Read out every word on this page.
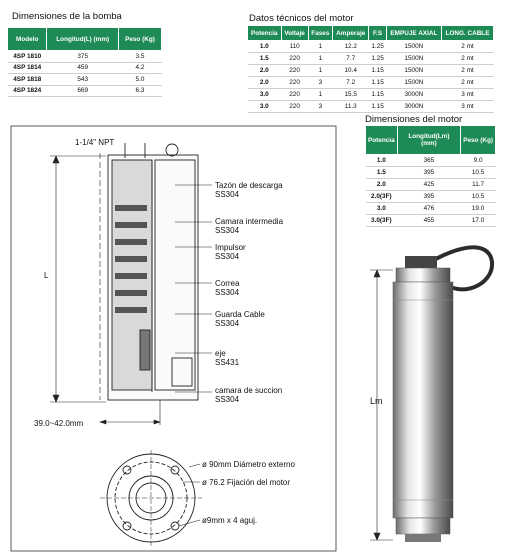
Dimensiones de la bomba	Datos técnicos del motor
Dimensiones del motor
Modelo	Longitud(L) (mm)	Peso (Kg)
4SP 1810	375	3.5
4SP 1814	459	4.2
4SP 1818	543	5.0
4SP 1824	669	6.3
Potencia	Voltaje	Fases	Amperaje	F.S	EMPUJE AXIAL	LONG. CABLE
1.0	110	1	12.2	1.25	1500N	2 mt
1.5	220	1	7.7	1.25	1500N	2 mt
2.0	220	1	10.4	1.15	1500N	2 mt
2.0	220	3	7.2	1.15	1500N	2 mt
3.0	220	1	15.5	1.15	3000N	3 mt
3.0	220	3	11.3	1.15	3000N	3 mt
Potencia	Longitud(Lm) (mm)	Peso (Kg)
1.0	365	9.0
1.5	395	10.5
2.0	425	11.7
2.0(3F)	395	10.5
3.0	476	19.0
3.0(3F)	455	17.0
1-1/4" NPT
L
39.0~42.0mm
Lm
Tazón de descarga
SS304
Camara intermedia
SS304
Impulsor
SS304
Correa
SS304
Guarda Cable
SS304
eje
SS431
camara de succion
SS304
ø 90mm Diámetro externo
ø 76.2 Fijación del motor
ø9mm x 4 aguj.
